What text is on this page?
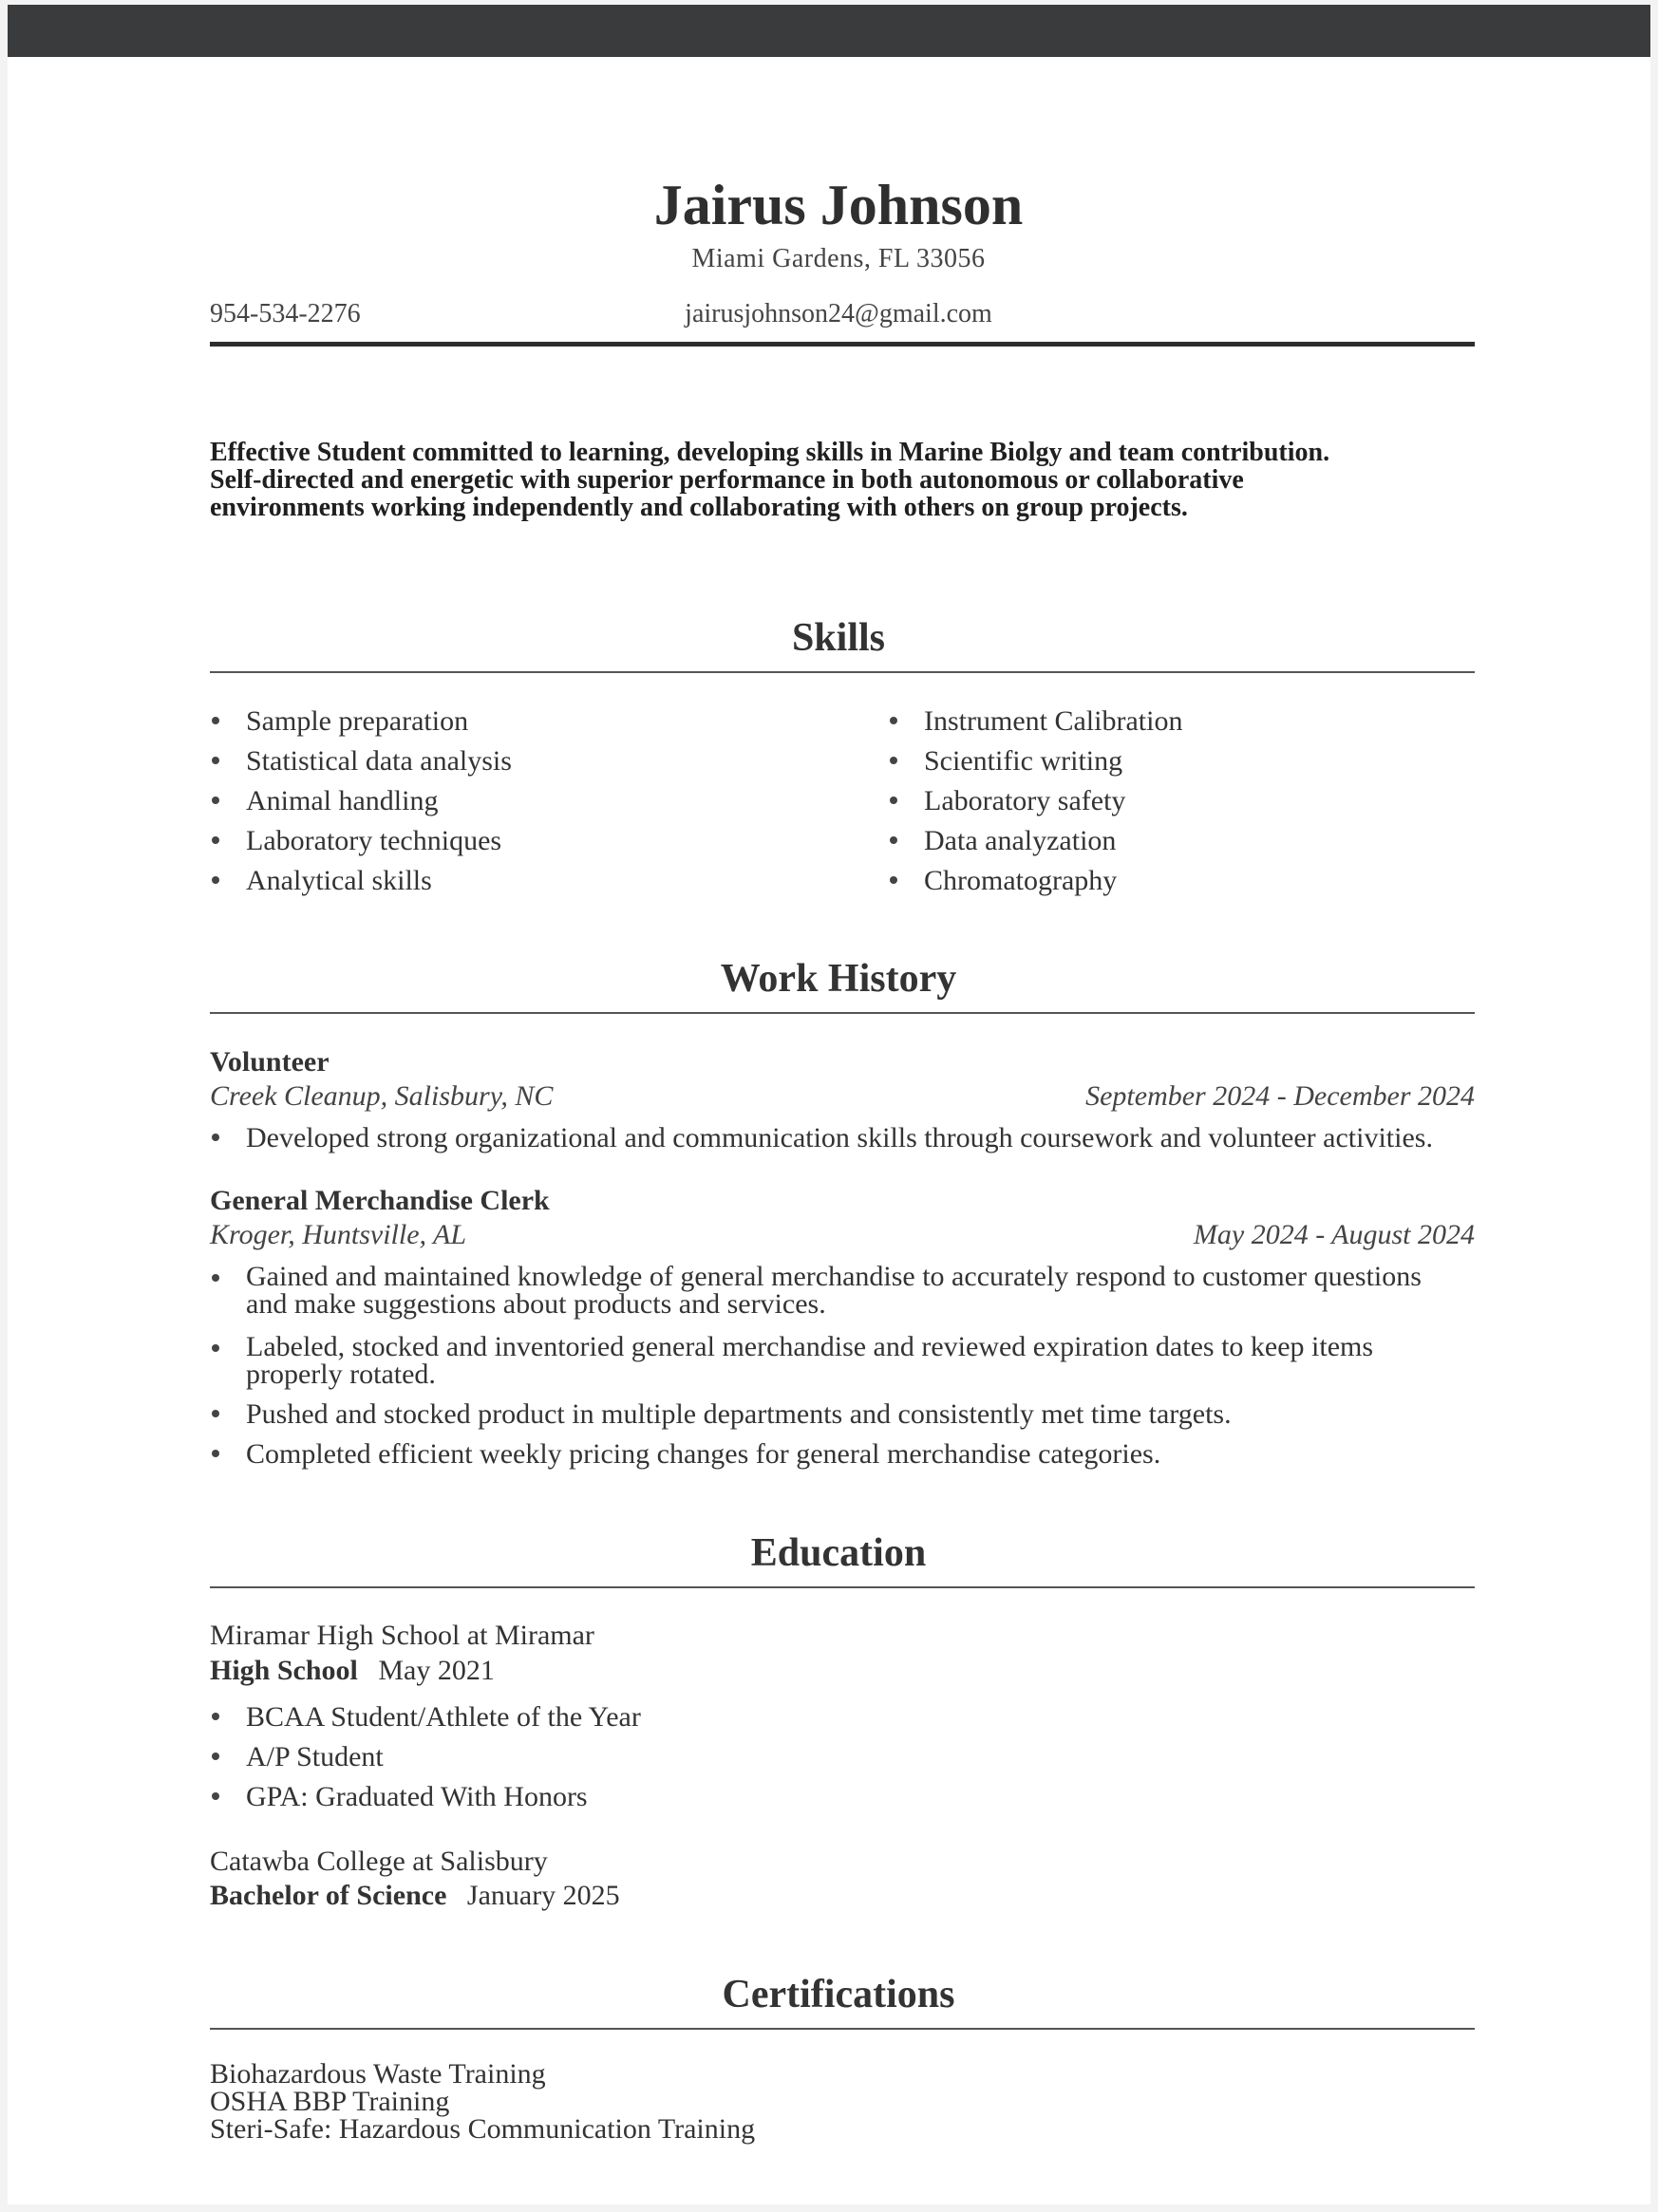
Jairus Johnson
Miami Gardens, FL 33056
954-534-2276	jairusjohnson24@gmail.com
Effective Student committed to learning, developing skills in Marine Biolgy and team contribution.
Self-directed and energetic with superior performance in both autonomous or collaborative
environments working independently and collaborating with others on group projects.
Skills
Sample preparation
Statistical data analysis
Animal handling
Laboratory techniques
Analytical skills
Instrument Calibration
Scientific writing
Laboratory safety
Data analyzation
Chromatography
Work History
Volunteer
Creek Cleanup, Salisbury, NC	September 2024 - December 2024
Developed strong organizational and communication skills through coursework and volunteer activities.
General Merchandise Clerk
Kroger, Huntsville, AL	May 2024 - August 2024
Gained and maintained knowledge of general merchandise to accurately respond to customer questions
and make suggestions about products and services.
Labeled, stocked and inventoried general merchandise and reviewed expiration dates to keep items
properly rotated.
Pushed and stocked product in multiple departments and consistently met time targets.
Completed efficient weekly pricing changes for general merchandise categories.
Education
Miramar High School at Miramar
High School May 2021
BCAA Student/Athlete of the Year
A/P Student
GPA: Graduated With Honors
Catawba College at Salisbury
Bachelor of Science January 2025
Certifications
Biohazardous Waste Training
OSHA BBP Training
Steri-Safe: Hazardous Communication Training
